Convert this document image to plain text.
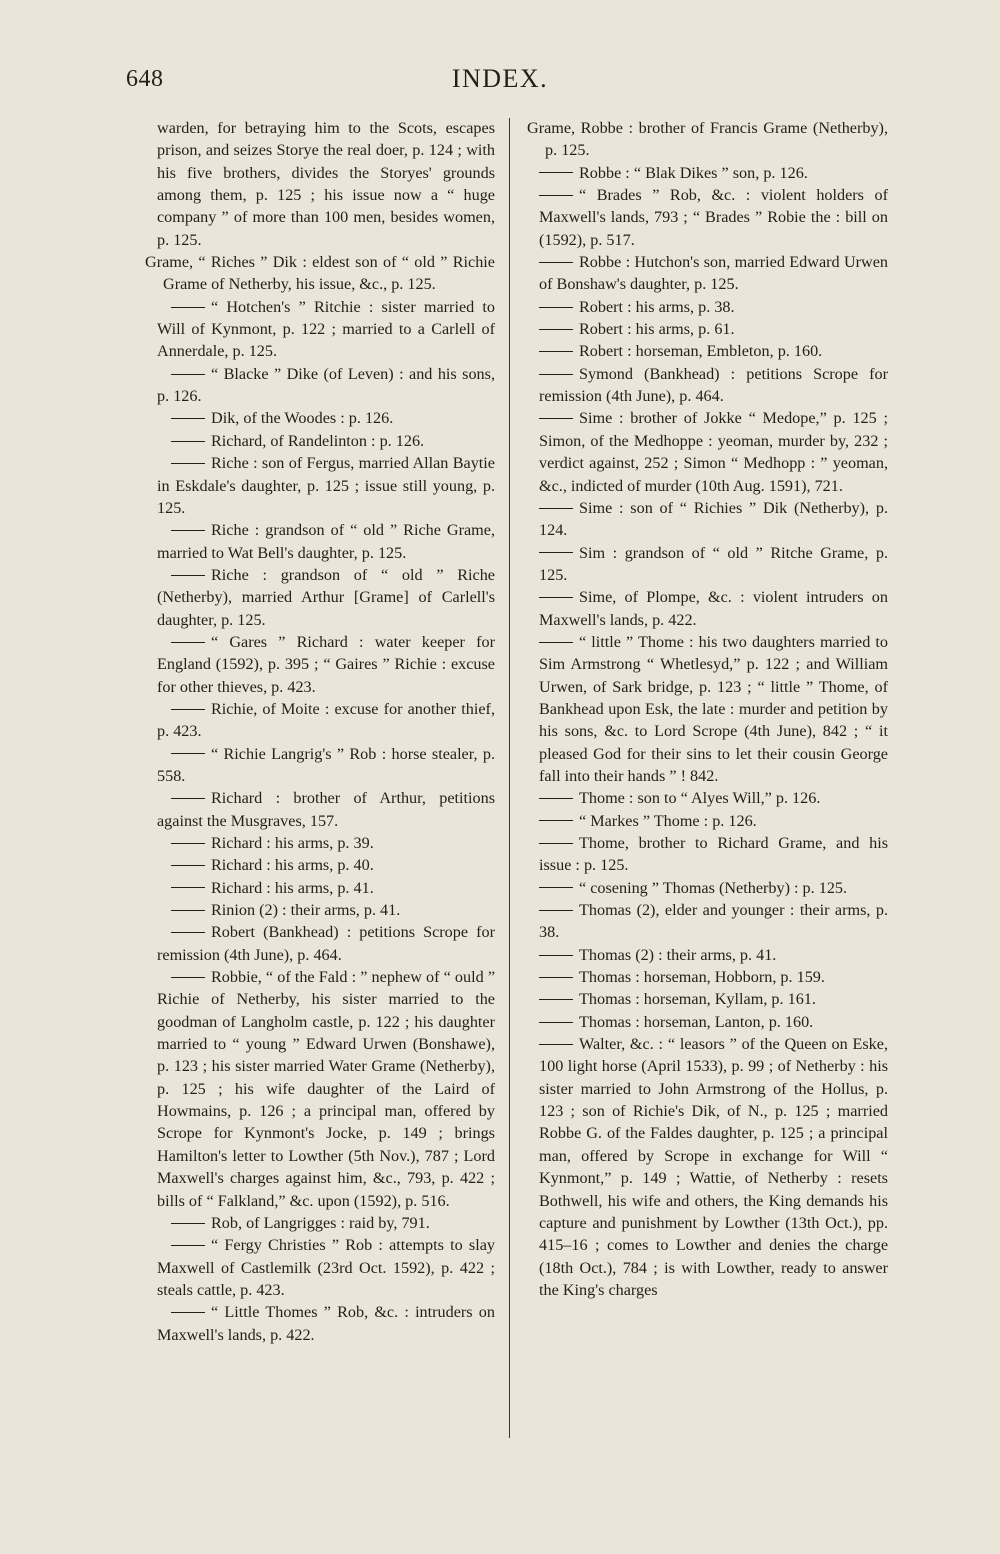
648	INDEX.
warden, for betraying him to the Scots, escapes prison, and seizes Storye the real doer, p. 124 ; with his five brothers, divides the Storyes' grounds among them, p. 125 ; his issue now a “ huge company ” of more than 100 men, besides women, p. 125.
Grame, “ Riches ” Dik : eldest son of “ old ” Richie Grame of Netherby, his issue, &c., p. 125.
“ Hotchen's ” Ritchie : sister married to Will of Kynmont, p. 122 ; married to a Carlell of Annerdale, p. 125.
“ Blacke ” Dike (of Leven) : and his sons, p. 126.
Dik, of the Woodes : p. 126.
Richard, of Randelinton : p. 126.
Riche : son of Fergus, married Allan Baytie in Eskdale's daughter, p. 125 ; issue still young, p. 125.
Riche : grandson of “ old ” Riche Grame, married to Wat Bell's daughter, p. 125.
Riche : grandson of “ old ” Riche (Netherby), married Arthur [Grame] of Carlell's daughter, p. 125.
“ Gares ” Richard : water keeper for England (1592), p. 395 ; “ Gaires ” Richie : excuse for other thieves, p. 423.
Richie, of Moite : excuse for another thief, p. 423.
“ Richie Langrig's ” Rob : horse stealer, p. 558.
Richard : brother of Arthur, petitions against the Musgraves, 157.
Richard : his arms, p. 39.
Richard : his arms, p. 40.
Richard : his arms, p. 41.
Rinion (2) : their arms, p. 41.
Robert (Bankhead) : petitions Scrope for remission (4th June), p. 464.
Robbie, “ of the Fald : ” nephew of “ ould ” Richie of Netherby, his sister married to the goodman of Langholm castle, p. 122 ; his daughter married to “ young ” Edward Urwen (Bonshawe), p. 123 ; his sister married Water Grame (Netherby), p. 125 ; his wife daughter of the Laird of Howmains, p. 126 ; a principal man, offered by Scrope for Kynmont's Jocke, p. 149 ; brings Hamilton's letter to Lowther (5th Nov.), 787 ; Lord Maxwell's charges against him, &c., 793, p. 422 ; bills of “ Falkland,” &c. upon (1592), p. 516.
Rob, of Langrigges : raid by, 791.
“ Fergy Christies ” Rob : attempts to slay Maxwell of Castlemilk (23rd Oct. 1592), p. 422 ; steals cattle, p. 423.
“ Little Thomes ” Rob, &c. : intruders on Maxwell's lands, p. 422.
Grame, Robbe : brother of Francis Grame (Netherby), p. 125.
Robbe : “ Blak Dikes ” son, p. 126.
“ Brades ” Rob, &c. : violent holders of Maxwell's lands, 793 ; “ Brades ” Robie the : bill on (1592), p. 517.
Robbe : Hutchon's son, married Edward Urwen of Bonshaw's daughter, p. 125.
Robert : his arms, p. 38.
Robert : his arms, p. 61.
Robert : horseman, Embleton, p. 160.
Symond (Bankhead) : petitions Scrope for remission (4th June), p. 464.
Sime : brother of Jokke “ Medope,” p. 125 ; Simon, of the Medhoppe : yeoman, murder by, 232 ; verdict against, 252 ; Simon “ Medhopp : ” yeoman, &c., indicted of murder (10th Aug. 1591), 721.
Sime : son of “ Richies ” Dik (Netherby), p. 124.
Sim : grandson of “ old ” Ritche Grame, p. 125.
Sime, of Plompe, &c. : violent intruders on Maxwell's lands, p. 422.
“ little ” Thome : his two daughters married to Sim Armstrong “ Whetlesyd,” p. 122 ; and William Urwen, of Sark bridge, p. 123 ; “ little ” Thome, of Bankhead upon Esk, the late : murder and petition by his sons, &c. to Lord Scrope (4th June), 842 ; “ it pleased God for their sins to let their cousin George fall into their hands ” ! 842.
Thome : son to “ Alyes Will,” p. 126.
“ Markes ” Thome : p. 126.
Thome, brother to Richard Grame, and his issue : p. 125.
“ cosening ” Thomas (Netherby) : p. 125.
Thomas (2), elder and younger : their arms, p. 38.
Thomas (2) : their arms, p. 41.
Thomas : horseman, Hobborn, p. 159.
Thomas : horseman, Kyllam, p. 161.
Thomas : horseman, Lanton, p. 160.
Walter, &c. : “ leasors ” of the Queen on Eske, 100 light horse (April 1533), p. 99 ; of Netherby : his sister married to John Armstrong of the Hollus, p. 123 ; son of Richie's Dik, of N., p. 125 ; married Robbe G. of the Faldes daughter, p. 125 ; a principal man, offered by Scrope in exchange for Will “ Kynmont,” p. 149 ; Wattie, of Netherby : resets Bothwell, his wife and others, the King demands his capture and punishment by Lowther (13th Oct.), pp. 415–16 ; comes to Lowther and denies the charge (18th Oct.), 784 ; is with Lowther, ready to answer the King's charges
